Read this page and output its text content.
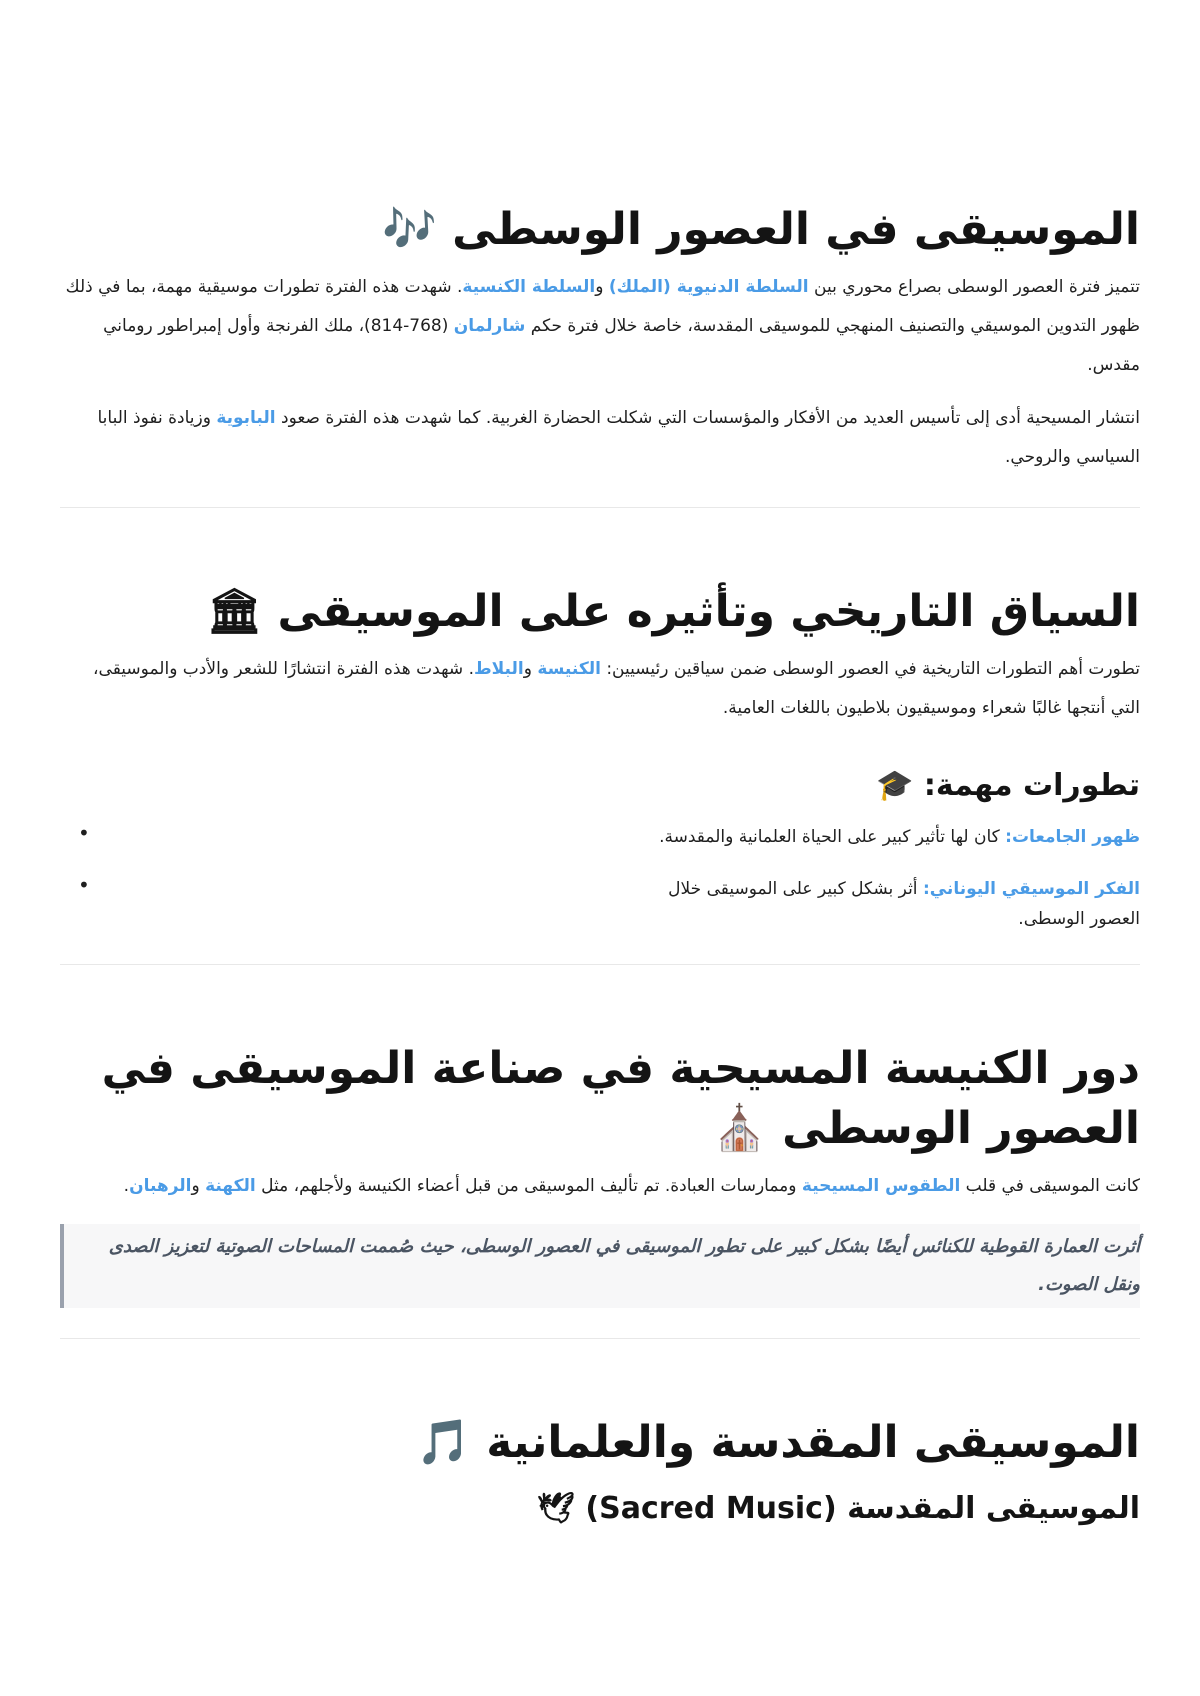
الموسيقى في العصور الوسطى 🎶

تتميز فترة العصور الوسطى بصراع محوري بين السلطة الدنيوية (الملك) والسلطة الكنسية. شهدت هذه الفترة تطورات موسيقية مهمة، بما في ذلك ظهور التدوين الموسيقي والتصنيف المنهجي للموسيقى المقدسة، خاصة خلال فترة حكم شارلمان (768-814)، ملك الفرنجة وأول إمبراطور روماني مقدس.

انتشار المسيحية أدى إلى تأسيس العديد من الأفكار والمؤسسات التي شكلت الحضارة الغربية. كما شهدت هذه الفترة صعود البابوية وزيادة نفوذ البابا السياسي والروحي.

السياق التاريخي وتأثيره على الموسيقى 🏛

تطورت أهم التطورات التاريخية في العصور الوسطى ضمن سياقين رئيسيين: الكنيسة والبلاط. شهدت هذه الفترة انتشارًا للشعر والأدب والموسيقى، التي أنتجها غالبًا شعراء وموسيقيون بلاطيون باللغات العامية.

تطورات مهمة: 🎓
•	ظهور الجامعات: كان لها تأثير كبير على الحياة العلمانية والمقدسة.
•	الفكر الموسيقي اليوناني: أثر بشكل كبير على الموسيقى خلال العصور الوسطى.
دور الكنيسة المسيحية في صناعة الموسيقى في العصور الوسطى ⛪

كانت الموسيقى في قلب الطقوس المسيحية وممارسات العبادة. تم تأليف الموسيقى من قبل أعضاء الكنيسة ولأجلهم، مثل الكهنة والرهبان.

أثرت العمارة القوطية للكنائس أيضًا بشكل كبير على تطور الموسيقى في العصور الوسطى، حيث صُممت المساحات الصوتية لتعزيز الصدى ونقل الصوت.
الموسيقى المقدسة والعلمانية 🎵
الموسيقى المقدسة (Sacred Music) 🕊
